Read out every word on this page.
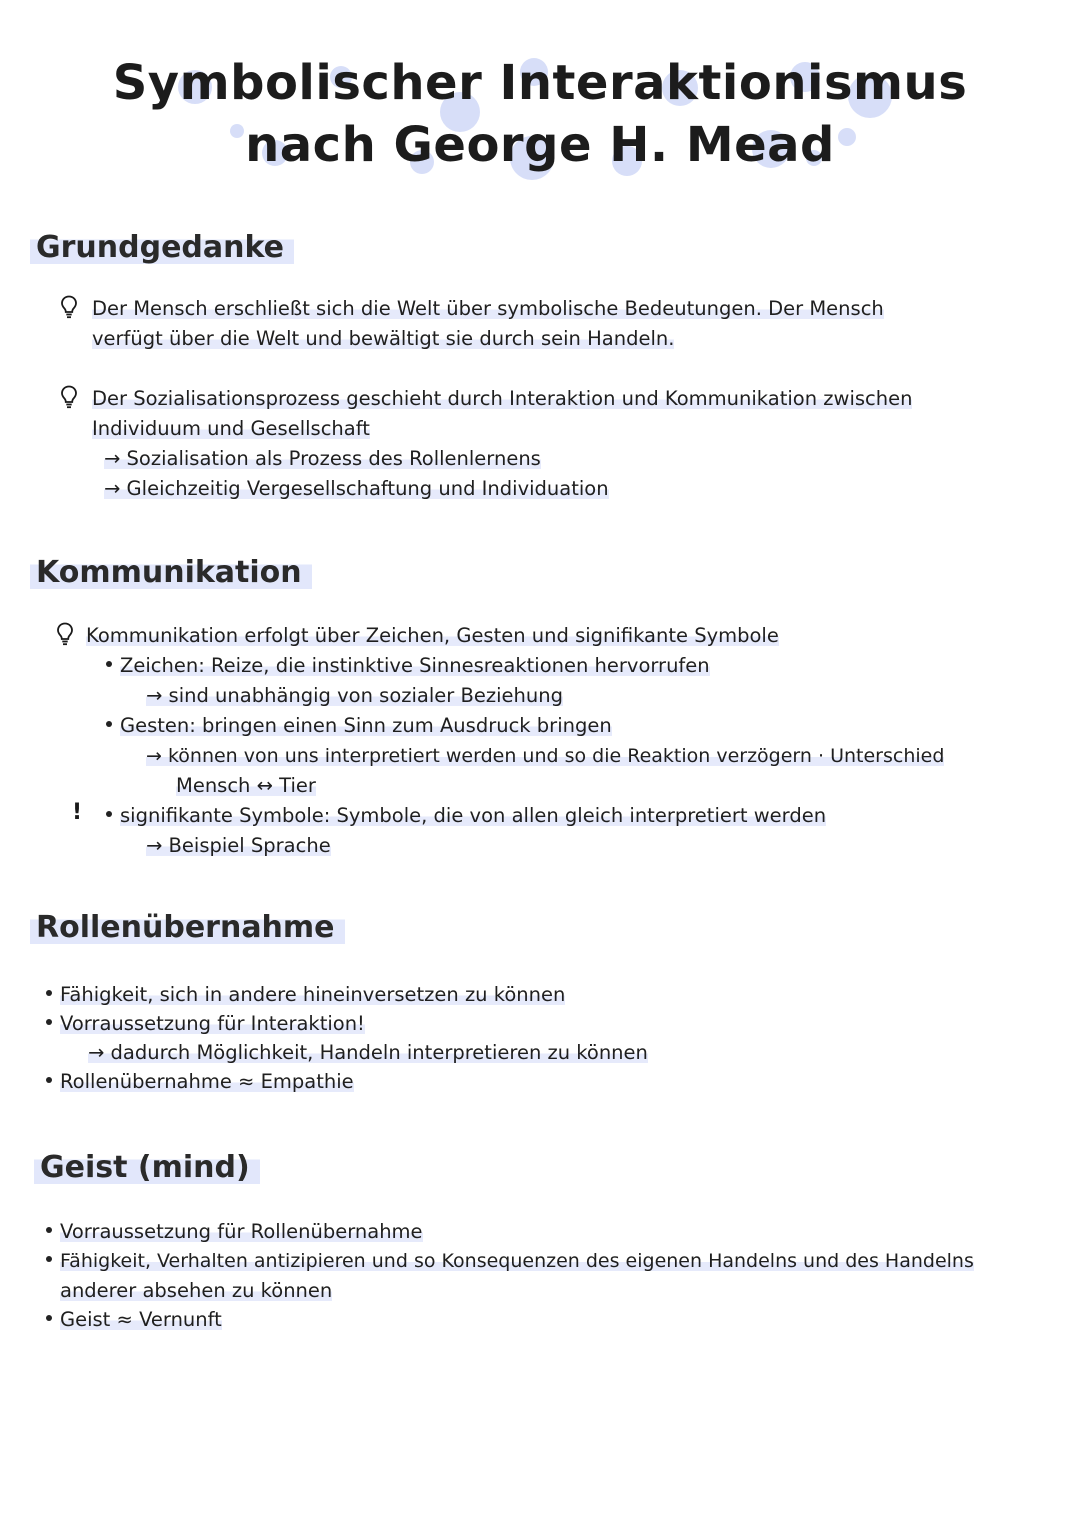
Symbolischer Interaktionismus
nach George H. Mead
Grundgedanke
Der Mensch erschließt sich die Welt über symbolische Bedeutungen. Der Mensch
verfügt über die Welt und bewältigt sie durch sein Handeln.
Der Sozialisationsprozess geschieht durch Interaktion und Kommunikation zwischen
Individuum und Gesellschaft
→ Sozialisation als Prozess des Rollenlernens
→ Gleichzeitig Vergesellschaftung und Individuation
Kommunikation
Kommunikation erfolgt über Zeichen, Gesten und signifikante Symbole
Zeichen: Reize, die instinktive Sinnesreaktionen hervorrufen
→ sind unabhängig von sozialer Beziehung
Gesten: bringen einen Sinn zum Ausdruck bringen
→ können von uns interpretiert werden und so die Reaktion verzögern · Unterschied
Mensch ↔ Tier
!	signifikante Symbole: Symbole, die von allen gleich interpretiert werden
→ Beispiel Sprache
Rollenübernahme
Fähigkeit, sich in andere hineinversetzen zu können
Vorraussetzung für Interaktion!
→ dadurch Möglichkeit, Handeln interpretieren zu können
Rollenübernahme ≈ Empathie
Geist (mind)
Vorraussetzung für Rollenübernahme
Fähigkeit, Verhalten antizipieren und so Konsequenzen des eigenen Handelns und des Handelns
anderer absehen zu können
Geist ≈ Vernunft
